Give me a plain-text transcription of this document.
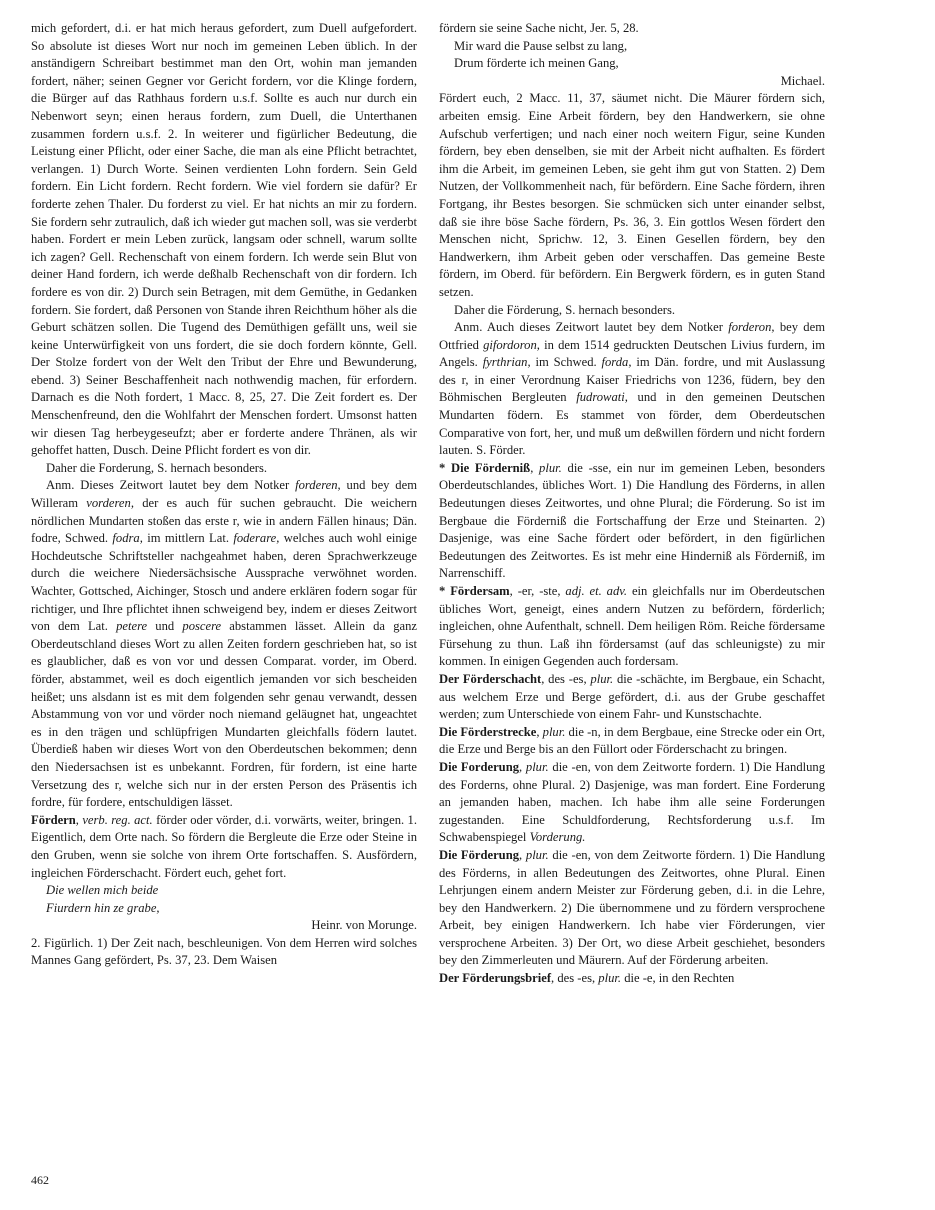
mich gefordert, d.i. er hat mich heraus gefordert, zum Duell aufgefordert. So absolute ist dieses Wort nur noch im gemeinen Leben üblich. In der anständigern Schreibart bestimmet man den Ort, wohin man jemanden fordert, näher; seinen Gegner vor Gericht fordern, vor die Klinge fordern, die Bürger auf das Rathhaus fordern u.s.f. Sollte es auch nur durch ein Nebenwort seyn; einen heraus fordern, zum Duell, die Unterthanen zusammen fordern u.s.f. 2. In weiterer und figürlicher Bedeutung, die Leistung einer Pflicht, oder einer Sache, die man als eine Pflicht betrachtet, verlangen. 1) Durch Worte. Seinen verdienten Lohn fordern. Sein Geld fordern. Ein Licht fordern. Recht fordern. Wie viel fordern sie dafür? Er forderte zehen Thaler. Du forderst zu viel. Er hat nichts an mir zu fordern. Sie fordern sehr zutraulich, daß ich wieder gut machen soll, was sie verderbt haben. Fordert er mein Leben zurück, langsam oder schnell, warum sollte ich zagen? Gell. Rechenschaft von einem fordern. Ich werde sein Blut von deiner Hand fordern, ich werde deßhalb Rechenschaft von dir fordern. Ich fordere es von dir. 2) Durch sein Betragen, mit dem Gemüthe, in Gedanken fordern. Sie fordert, daß Personen von Stande ihren Reichthum höher als die Geburt schätzen sollen. Die Tugend des Demüthigen gefällt uns, weil sie keine Unterwürfigkeit von uns fordert, die sie doch fordern könnte, Gell. Der Stolze fordert von der Welt den Tribut der Ehre und Bewunderung, ebend. 3) Seiner Beschaffenheit nach nothwendig machen, für erfordern. Darnach es die Noth fordert, 1 Macc. 8, 25, 27. Die Zeit fordert es. Der Menschenfreund, den die Wohlfahrt der Menschen fordert. Umsonst hatten wir diesen Tag herbeygeseufzt; aber er forderte andere Thränen, als wir gehoffet hatten, Dusch. Deine Pflicht fordert es von dir.

Daher die Forderung, S. hernach besonders.

Anm. Dieses Zeitwort lautet bey dem Notker forderen, und bey dem Willeram vorderen, der es auch für suchen gebraucht. Die weichern nördlichen Mundarten stoßen das erste r, wie in andern Fällen hinaus; Dän. fodre, Schwed. fodra, im mittlern Lat. foderare, welches auch wohl einige Hochdeutsche Schriftsteller nachgeahmet haben, deren Sprachwerkzeuge durch die weichere Niedersächsische Aussprache verwöhnet worden. Wachter, Gottsched, Aichinger, Stosch und andere erklären fodern sogar für richtiger, und Ihre pflichtet ihnen schweigend bey, indem er dieses Zeitwort von dem Lat. petere und poscere abstammen lässet. Allein da ganz Oberdeutschland dieses Wort zu allen Zeiten fordern geschrieben hat, so ist es glaublicher, daß es von vor und dessen Comparat. vorder, im Oberd. förder, abstammet, weil es doch eigentlich jemanden vor sich bescheiden heißet; uns alsdann ist es mit dem folgenden sehr genau verwandt, dessen Abstammung von vor und vörder noch niemand geläugnet hat, ungeachtet es in den trägen und schlüpfrigen Mundarten gleichfalls födern lautet. Überdieß haben wir dieses Wort von den Oberdeutschen bekommen; denn den Niedersachsen ist es unbekannt. Fordren, für fordern, ist eine harte Versetzung des r, welche sich nur in der ersten Person des Präsentis ich fordre, für fordere, entschuldigen lässet.

Fördern, verb. reg. act. förder oder vörder, d.i. vorwärts, weiter, bringen. 1. Eigentlich, dem Orte nach. So fördern die Bergleute die Erze oder Steine in den Gruben, wenn sie solche von ihrem Orte fortschaffen. S. Ausfördern, ingleichen Förderschacht. Fördert euch, gehet fort.

Die wellen mich beide

Fiurdern hin ze grabe,

Heinr. von Morunge.

2. Figürlich. 1) Der Zeit nach, beschleunigen. Von dem Herren wird solches Mannes Gang gefördert, Ps. 37, 23. Dem Waisen

fördern sie seine Sache nicht, Jer. 5, 28.

Mir ward die Pause selbst zu lang,

Drum förderte ich meinen Gang,

Michael.

Fördert euch, 2 Macc. 11, 37, säumet nicht. Die Mäurer fördern sich, arbeiten emsig. Eine Arbeit fördern, bey den Handwerkern, sie ohne Aufschub verfertigen; und nach einer noch weitern Figur, seine Kunden fördern, bey eben denselben, sie mit der Arbeit nicht aufhalten. Es fördert ihm die Arbeit, im gemeinen Leben, sie geht ihm gut von Statten. 2) Dem Nutzen, der Vollkommenheit nach, für befördern. Eine Sache fördern, ihren Fortgang, ihr Bestes besorgen. Sie schmücken sich unter einander selbst, daß sie ihre böse Sache fördern, Ps. 36, 3. Ein gottlos Wesen fördert den Menschen nicht, Sprichw. 12, 3. Einen Gesellen fördern, bey den Handwerkern, ihm Arbeit geben oder verschaffen. Das gemeine Beste fördern, im Oberd. für befördern. Ein Bergwerk fördern, es in guten Stand setzen.

Daher die Förderung, S. hernach besonders.

Anm. Auch dieses Zeitwort lautet bey dem Notker forderon, bey dem Ottfried gifordoron, in dem 1514 gedruckten Deutschen Livius furdern, im Angels. fyrthrian, im Schwed. forda, im Dän. fordre, und mit Auslassung des r, in einer Verordnung Kaiser Friedrichs von 1236, füdern, bey den Böhmischen Bergleuten fudrowati, und in den gemeinen Deutschen Mundarten födern. Es stammet von förder, dem Oberdeutschen Comparative von fort, her, und muß um deßwillen fördern und nicht fordern lauten. S. Förder.

* Die Förderniß, plur. die -sse, ein nur im gemeinen Leben, besonders Oberdeutschlandes, übliches Wort. 1) Die Handlung des Förderns, in allen Bedeutungen dieses Zeitwortes, und ohne Plural; die Förderung. So ist im Bergbaue die Förderniß die Fortschaffung der Erze und Steinarten. 2) Dasjenige, was eine Sache fördert oder befördert, in den figürlichen Bedeutungen des Zeitwortes. Es ist mehr eine Hinderniß als Förderniß, im Narrenschiff.

* Fördersam, -er, -ste, adj. et. adv. ein gleichfalls nur im Oberdeutschen übliches Wort, geneigt, eines andern Nutzen zu befördern, förderlich; ingleichen, ohne Aufenthalt, schnell. Dem heiligen Röm. Reiche fördersame Fürsehung zu thun. Laß ihn fördersamst (auf das schleunigste) zu mir kommen. In einigen Gegenden auch fordersam.

Der Förderschacht, des -es, plur. die -schächte, im Bergbaue, ein Schacht, aus welchem Erze und Berge gefördert, d.i. aus der Grube geschaffet werden; zum Unterschiede von einem Fahr- und Kunstschachte.

Die Förderstrecke, plur. die -n, in dem Bergbaue, eine Strecke oder ein Ort, die Erze und Berge bis an den Füllort oder Förderschacht zu bringen.

Die Forderung, plur. die -en, von dem Zeitworte fordern. 1) Die Handlung des Forderns, ohne Plural. 2) Dasjenige, was man fordert. Eine Forderung an jemanden haben, machen. Ich habe ihm alle seine Forderungen zugestanden. Eine Schuldforderung, Rechtsforderung u.s.f. Im Schwabenspiegel Vorderung.

Die Förderung, plur. die -en, von dem Zeitworte fördern. 1) Die Handlung des Förderns, in allen Bedeutungen des Zeitwortes, ohne Plural. Einen Lehrjungen einem andern Meister zur Förderung geben, d.i. in die Lehre, bey den Handwerkern. 2) Die übernommene und zu fördern versprochene Arbeit, bey einigen Handwerkern. Ich habe vier Förderungen, vier versprochene Arbeiten. 3) Der Ort, wo diese Arbeit geschiehet, besonders bey den Zimmerleuten und Mäurern. Auf der Förderung arbeiten.

Der Förderungsbrief, des -es, plur. die -e, in den Rechten

462
